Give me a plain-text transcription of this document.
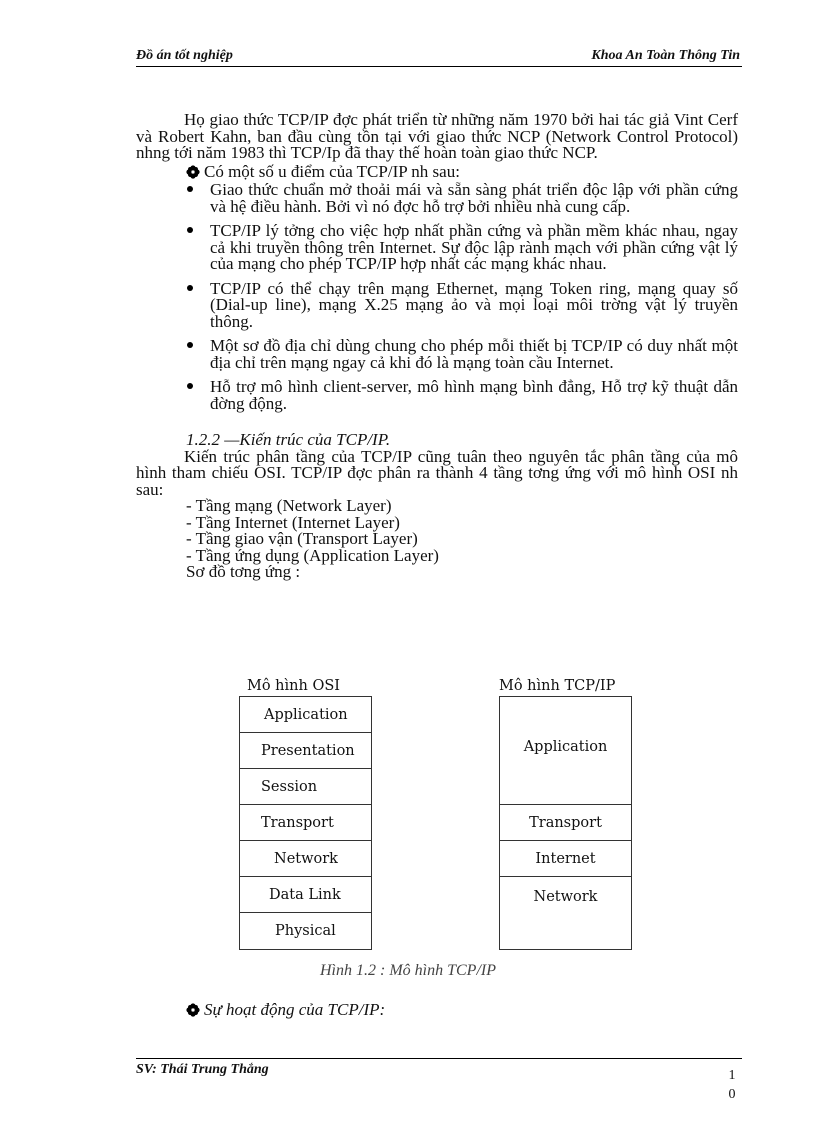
Đồ án tốt nghiệp	Khoa An Toàn Thông Tin

Họ giao thức TCP/IP đợc phát triển từ những năm 1970 bởi hai tác giả Vint Cerf và Robert Kahn, ban đầu cùng tồn tại với giao thức NCP (Network Control Protocol) nhng tới năm 1983 thì TCP/Ip đã thay thế hoàn toàn giao thức NCP.

Có một số u điểm của TCP/IP nh sau:
Giao thức chuẩn mở thoải mái và sẵn sàng phát triển độc lập với phần cứng và hệ điều hành. Bởi vì nó đợc hỗ trợ bởi nhiều nhà cung cấp.
TCP/IP lý tởng cho việc hợp nhất phần cứng và phần mềm khác nhau, ngay cả khi truyền thông trên Internet. Sự độc lập rành mạch với phần cứng vật lý của mạng cho phép TCP/IP hợp nhất các mạng khác nhau.
TCP/IP có thể chạy trên mạng Ethernet, mạng Token ring, mạng quay số (Dial-up line), mạng X.25 mạng ảo và mọi loại môi trờng vật lý truyền thông.
Một sơ đồ địa chỉ dùng chung cho phép mỗi thiết bị TCP/IP có duy nhất một địa chỉ trên mạng ngay cả khi đó là mạng toàn cầu Internet.
Hỗ trợ mô hình client-server, mô hình mạng bình đẳng, Hỗ trợ kỹ thuật dẫn đờng động.

1.2.2 —Kiến trúc của TCP/IP.

Kiến trúc phân tầng của TCP/IP cũng tuân theo nguyên tắc phân tầng của mô hình tham chiếu OSI. TCP/IP đợc phân ra thành 4 tầng tơng ứng với mô hình OSI nh sau:

- Tầng mạng (Network Layer)

- Tầng Internet (Internet Layer)

- Tầng giao vận (Transport Layer)

- Tầng ứng dụng (Application Layer)

Sơ đồ tơng ứng :

Mô hình OSI	Mô hình TCP/IP
Application
Presentation
Session
Transport
Network
Data Link
Physical
Application
Transport
Internet
Network
Hình 1.2 : Mô hình TCP/IP
Sự hoạt động của TCP/IP:
SV: Thái Trung Thắng	1
0
